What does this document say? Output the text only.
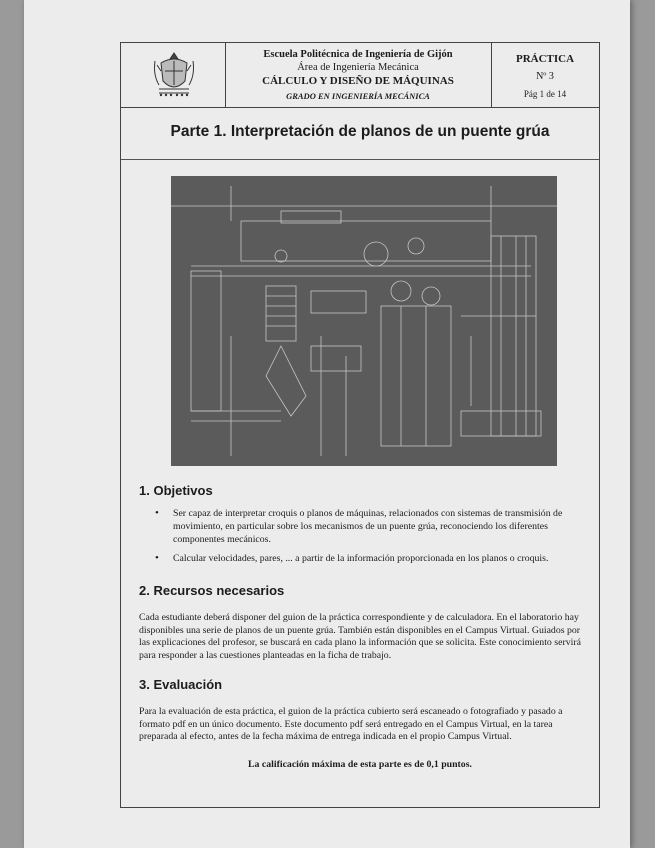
Escuela Politécnica de Ingeniería de Gijón
Área de Ingeniería Mecánica
CÁLCULO Y DISEÑO DE MÁQUINAS
GRADO EN INGENIERÍA MECÁNICA
PRÁCTICA
Nº 3
Pág 1 de 14
Parte 1. Interpretación de planos de un puente grúa
1. Objetivos
• Ser capaz de interpretar croquis o planos de máquinas, relacionados con sistemas de transmisión de movimiento, en particular sobre los mecanismos de un puente grúa, reconociendo los diferentes componentes mecánicos.
• Calcular velocidades, pares, ... a partir de la información proporcionada en los planos o croquis.
2. Recursos necesarios

Cada estudiante deberá disponer del guion de la práctica correspondiente y de calculadora. En el laboratorio hay disponibles una serie de planos de un puente grúa. También están disponibles en el Campus Virtual. Guiados por las explicaciones del profesor, se buscará en cada plano la información que se solicita. Este conocimiento servirá para responder a las cuestiones planteadas en la ficha de trabajo.

3. Evaluación

Para la evaluación de esta práctica, el guion de la práctica cubierto será escaneado o fotografiado y pasado a formato pdf en un único documento. Este documento pdf será entregado en el Campus Virtual, en la tarea preparada al efecto, antes de la fecha máxima de entrega indicada en el propio Campus Virtual.

La calificación máxima de esta parte es de 0,1 puntos.
